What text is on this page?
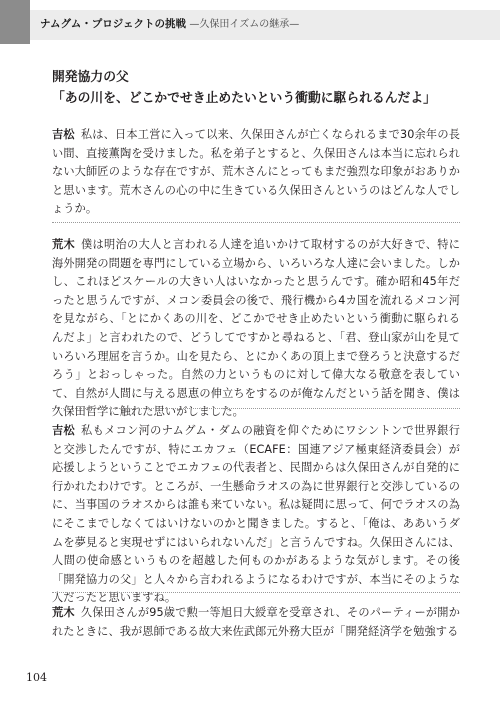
ナムグム・プロジェクトの挑戦 —久保田イズムの継承—
開発協力の父
「あの川を、どこかでせき止めたいという衝動に駆られるんだよ」
吉松 私は、日本工営に入って以来、久保田さんが亡くなられるまで30余年の長い間、直接薫陶を受けました。私を弟子とすると、久保田さんは本当に忘れられない大師匠のような存在ですが、荒木さんにとってもまだ強烈な印象がおありかと思います。荒木さんの心の中に生きている久保田さんというのはどんな人でしょうか。
荒木 僕は明治の大人と言われる人達を追いかけて取材するのが大好きで、特に海外開発の問題を専門にしている立場から、いろいろな人達に会いました。しかし、これほどスケールの大きい人はいなかったと思うんです。確か昭和45年だったと思うんですが、メコン委員会の後で、飛行機から4カ国を流れるメコン河を見ながら、「とにかくあの川を、どこかでせき止めたいという衝動に駆られるんだよ」と言われたので、どうしてですかと尋ねると、「君、登山家が山を見ていろいろ理屈を言うか。山を見たら、とにかくあの頂上まで登ろうと決意するだろう」とおっしゃった。自然の力というものに対して偉大なる敬意を表していて、自然が人間に与える恩恵の伸立ちをするのが俺なんだという話を聞き、僕は久保田哲学に触れた思いがしました。
吉松 私もメコン河のナムグム・ダムの融資を仰ぐためにワシントンで世界銀行と交渉したんですが、特にエカフェ（ECAFE：国連アジア極東経済委員会）が応援しようということでエカフェの代表者と、民間からは久保田さんが自発的に行かれたわけです。ところが、一生懸命ラオスの為に世界銀行と交渉しているのに、当事国のラオスからは誰も来ていない。私は疑問に思って、何でラオスの為にそこまでしなくてはいけないのかと聞きました。すると、「俺は、ああいうダムを夢見ると実現せずにはいられないんだ」と言うんですね。久保田さんには、人間の使命感というものを超越した何ものかがあるような気がします。その後「開発協力の父」と人々から言われるようになるわけですが、本当にそのような人だったと思いますね。
荒木 久保田さんが95歳で勲一等旭日大綬章を受章され、そのパーティーが開かれたときに、我が恩師である故大来佐武郎元外務大臣が「開発経済学を勉強する
104
